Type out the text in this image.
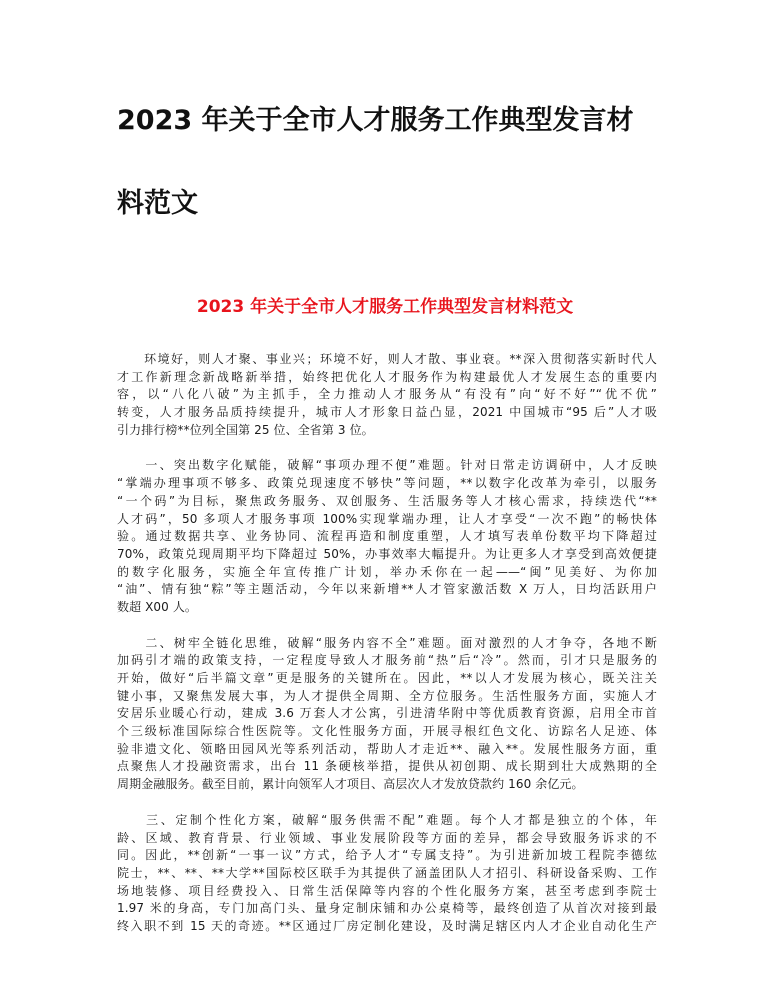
2023 年关于全市人才服务工作典型发言材
料范文
2023 年关于全市人才服务工作典型发言材料范文
　　环境好，则人才聚、事业兴；环境不好，则人才散、事业衰。**深入贯彻落实新时代人
才工作新理念新战略新举措，始终把优化人才服务作为构建最优人才发展生态的重要内
容，以“八化八破”为主抓手，全力推动人才服务从“有没有”向“好不好”“优不优”
转变，人才服务品质持续提升，城市人才形象日益凸显，2021 中国城市“95 后”人才吸
引力排行榜**位列全国第 25 位、全省第 3 位。
　　一、突出数字化赋能，破解“事项办理不便”难题。针对日常走访调研中，人才反映
“掌端办理事项不够多、政策兑现速度不够快”等问题，**以数字化改革为牵引，以服务
“一个码”为目标，聚焦政务服务、双创服务、生活服务等人才核心需求，持续迭代“**
人才码”，50 多项人才服务事项 100%实现掌端办理，让人才享受“一次不跑”的畅快体
验。通过数据共享、业务协同、流程再造和制度重塑，人才填写表单份数平均下降超过
70%，政策兑现周期平均下降超过 50%，办事效率大幅提升。为让更多人才享受到高效便捷
的数字化服务，实施全年宣传推广计划，举办禾你在一起——“闽”见美好、为你加
“油”、情有独“粽”等主题活动，今年以来新增**人才管家激活数 X 万人，日均活跃用户
数超 X00 人。
　　二、树牢全链化思维，破解“服务内容不全”难题。面对激烈的人才争夺，各地不断
加码引才端的政策支持，一定程度导致人才服务前“热”后“冷”。然而，引才只是服务的
开始，做好“后半篇文章”更是服务的关键所在。因此，**以人才发展为核心，既关注关
键小事，又聚焦发展大事，为人才提供全周期、全方位服务。生活性服务方面，实施人才
安居乐业暖心行动，建成 3.6 万套人才公寓，引进清华附中等优质教育资源，启用全市首
个三级标准国际综合性医院等。文化性服务方面，开展寻根红色文化、访踪名人足迹、体
验非遗文化、领略田园风光等系列活动，帮助人才走近**、融入**。发展性服务方面，重
点聚焦人才投融资需求，出台 11 条硬核举措，提供从初创期、成长期到壮大成熟期的全
周期金融服务。截至目前，累计向领军人才项目、高层次人才发放贷款约 160 余亿元。
　　三、定制个性化方案，破解“服务供需不配”难题。每个人才都是独立的个体，年
龄、区域、教育背景、行业领域、事业发展阶段等方面的差异，都会导致服务诉求的不
同。因此，**创新“一事一议”方式，给予人才“专属支持”。为引进新加坡工程院李德纮
院士，**、**、**大学**国际校区联手为其提供了涵盖团队人才招引、科研设备采购、工作
场地装修、项目经费投入、日常生活保障等内容的个性化服务方案，甚至考虑到李院士
1.97 米的身高，专门加高门头、量身定制床铺和办公桌椅等，最终创造了从首次对接到最
终入职不到 15 天的奇迹。**区通过厂房定制化建设，及时满足辖区内人才企业自动化生产
